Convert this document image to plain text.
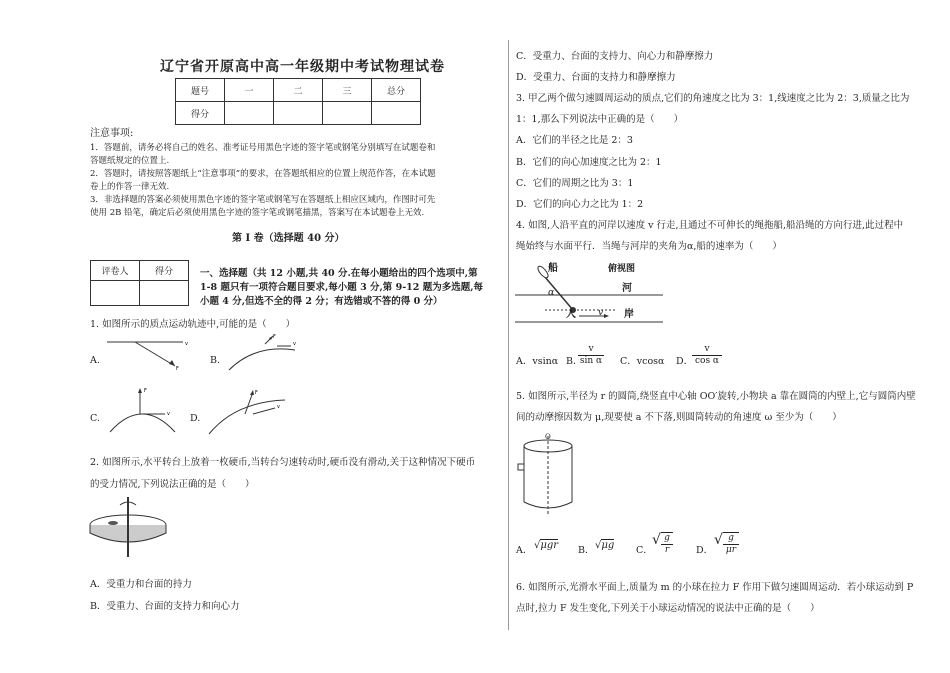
辽宁省开原高中高一年级期中考试物理试卷
题号	一	二	三	总分
得分				
注意事项:
1．答题前，请务必将自己的姓名、准考证号用黑色字迹的签字笔或钢笔分别填写在试题卷和
答题纸规定的位置上.
2．答题时，请按照答题纸上“注意事项”的要求，在答题纸相应的位置上规范作答，在本试题
卷上的作答一律无效.
3．非选择题的答案必须使用黑色字迹的签字笔或钢笔写在答题纸上相应区域内，作图时可先
使用 2B 铅笔，确定后必须使用黑色字迹的签字笔或钢笔描黑，答案写在本试题卷上无效.
第 I 卷（选择题 40 分）
评卷人	得分
		一、选择题（共 12 小题,共 40 分.在每小题给出的四个选项中,第
1-8 题只有一项符合题目要求,每小题 3 分,第 9-12 题为多选题,每
小题 4 分,但选不全的得 2 分；有选错或不答的得 0 分）
1. 如图所示的质点运动轨迹中,可能的是（　　）
A.
v
F
B.
F
v
C.
F
v D.
F
v
2. 如图所示,水平转台上放着一枚硬币,当转台匀速转动时,硬币没有滑动,关于这种情况下硬币
的受力情况,下列说法正确的是（　　）
A．受重力和台面的持力
B．受重力、台面的支持力和向心力
C．受重力、台面的支持力、向心力和静摩擦力
D．受重力、台面的支持力和静摩擦力
3. 甲乙两个做匀速圆周运动的质点,它们的角速度之比为 3：1,线速度之比为 2：3,质量之比为
1：1,那么下列说法中正确的是（　　）
A．它们的半径之比是 2：3
B．它们的向心加速度之比为 2：1
C．它们的周期之比为 3：1
D．它们的向心力之比为 1：2
4. 如图,人沿平直的河岸以速度 v 行走,且通过不可伸长的绳拖船,船沿绳的方向行进,此过程中
绳始终与水面平行．当绳与河岸的夹角为α,船的速率为（　　）
船	俯视图
河
α
人 v 岸
A．vsinα B．
$\frac{v}{\text{sin α}}$ C．vcosα D．
$\frac{v}{\text{cos α}}$
5. 如图所示,半径为 r 的圆筒,绕竖直中心轴 OO′旋转,小物块 a 靠在圆筒的内壁上,它与圆筒内壁
间的动摩擦因数为 μ,现要使 a 不下落,则圆筒转动的角速度 ω 至少为（　　）
O
A． √μgr B． √μg C．
√ $\frac{g}{r}$ D．
√ $\frac{g}{\mu r}$
6. 如图所示,光滑水平面上,质量为 m 的小球在拉力 F 作用下做匀速圆周运动．若小球运动到 P
点时,拉力 F 发生变化,下列关于小球运动情况的说法中正确的是（　　）
